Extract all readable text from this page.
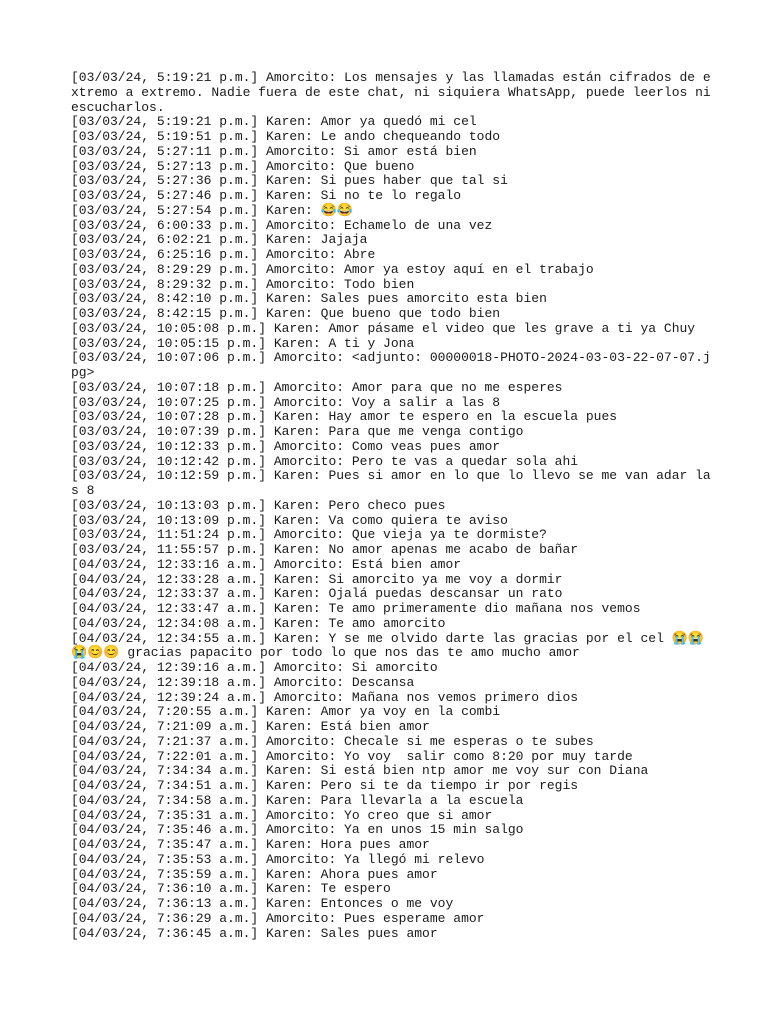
[03/03/24, 5:19:21 p.m.] Amorcito: Los mensajes y las llamadas están cifrados de extremo a extremo. Nadie fuera de este chat, ni siquiera WhatsApp, puede leerlos ni escucharlos.
[03/03/24, 5:19:21 p.m.] Karen: Amor ya quedó mi cel
[03/03/24, 5:19:51 p.m.] Karen: Le ando chequeando todo
[03/03/24, 5:27:11 p.m.] Amorcito: Si amor está bien
[03/03/24, 5:27:13 p.m.] Amorcito: Que bueno
[03/03/24, 5:27:36 p.m.] Karen: Si pues haber que tal si
[03/03/24, 5:27:46 p.m.] Karen: Si no te lo regalo
[03/03/24, 5:27:54 p.m.] Karen: 😂😂
[03/03/24, 6:00:33 p.m.] Amorcito: Echamelo de una vez
[03/03/24, 6:02:21 p.m.] Karen: Jajaja
[03/03/24, 6:25:16 p.m.] Amorcito: Abre
[03/03/24, 8:29:29 p.m.] Amorcito: Amor ya estoy aquí en el trabajo
[03/03/24, 8:29:32 p.m.] Amorcito: Todo bien
[03/03/24, 8:42:10 p.m.] Karen: Sales pues amorcito esta bien
[03/03/24, 8:42:15 p.m.] Karen: Que bueno que todo bien
[03/03/24, 10:05:08 p.m.] Karen: Amor pásame el video que les grave a ti ya Chuy
[03/03/24, 10:05:15 p.m.] Karen: A ti y Jona
[03/03/24, 10:07:06 p.m.] Amorcito: <adjunto: 00000018-PHOTO-2024-03-03-22-07-07.jpg>
[03/03/24, 10:07:18 p.m.] Amorcito: Amor para que no me esperes
[03/03/24, 10:07:25 p.m.] Amorcito: Voy a salir a las 8
[03/03/24, 10:07:28 p.m.] Karen: Hay amor te espero en la escuela pues
[03/03/24, 10:07:39 p.m.] Karen: Para que me venga contigo
[03/03/24, 10:12:33 p.m.] Amorcito: Como veas pues amor
[03/03/24, 10:12:42 p.m.] Amorcito: Pero te vas a quedar sola ahi
[03/03/24, 10:12:59 p.m.] Karen: Pues si amor en lo que lo llevo se me van adar las 8
[03/03/24, 10:13:03 p.m.] Karen: Pero checo pues
[03/03/24, 10:13:09 p.m.] Karen: Va como quiera te aviso
[03/03/24, 11:51:24 p.m.] Amorcito: Que vieja ya te dormiste?
[03/03/24, 11:55:57 p.m.] Karen: No amor apenas me acabo de bañar
[04/03/24, 12:33:16 a.m.] Amorcito: Está bien amor
[04/03/24, 12:33:28 a.m.] Karen: Si amorcito ya me voy a dormir
[04/03/24, 12:33:37 a.m.] Karen: Ojalá puedas descansar un rato
[04/03/24, 12:33:47 a.m.] Karen: Te amo primeramente dio mañana nos vemos
[04/03/24, 12:34:08 a.m.] Karen: Te amo amorcito
[04/03/24, 12:34:55 a.m.] Karen: Y se me olvido darte las gracias por el cel 😭😭😭😊😊 gracias papacito por todo lo que nos das te amo mucho amor
[04/03/24, 12:39:16 a.m.] Amorcito: Si amorcito
[04/03/24, 12:39:18 a.m.] Amorcito: Descansa
[04/03/24, 12:39:24 a.m.] Amorcito: Mañana nos vemos primero dios
[04/03/24, 7:20:55 a.m.] Karen: Amor ya voy en la combi
[04/03/24, 7:21:09 a.m.] Karen: Está bien amor
[04/03/24, 7:21:37 a.m.] Amorcito: Checale si me esperas o te subes
[04/03/24, 7:22:01 a.m.] Amorcito: Yo voy  salir como 8:20 por muy tarde
[04/03/24, 7:34:34 a.m.] Karen: Si está bien ntp amor me voy sur con Diana
[04/03/24, 7:34:51 a.m.] Karen: Pero si te da tiempo ir por regis
[04/03/24, 7:34:58 a.m.] Karen: Para llevarla a la escuela
[04/03/24, 7:35:31 a.m.] Amorcito: Yo creo que si amor
[04/03/24, 7:35:46 a.m.] Amorcito: Ya en unos 15 min salgo
[04/03/24, 7:35:47 a.m.] Karen: Hora pues amor
[04/03/24, 7:35:53 a.m.] Amorcito: Ya llegó mi relevo
[04/03/24, 7:35:59 a.m.] Karen: Ahora pues amor
[04/03/24, 7:36:10 a.m.] Karen: Te espero
[04/03/24, 7:36:13 a.m.] Karen: Entonces o me voy
[04/03/24, 7:36:29 a.m.] Amorcito: Pues esperame amor
[04/03/24, 7:36:45 a.m.] Karen: Sales pues amor
